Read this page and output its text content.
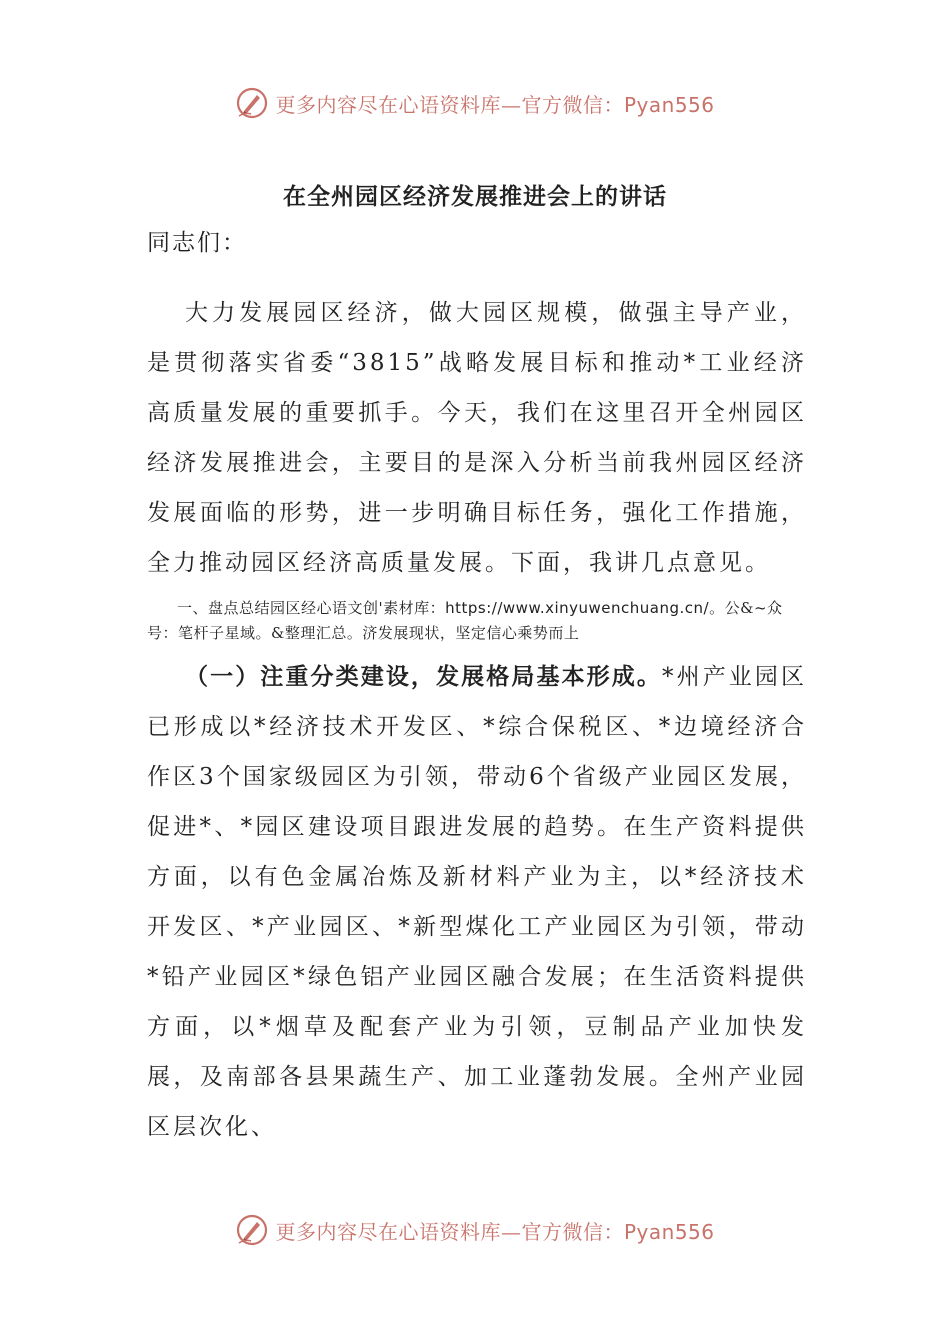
更多内容尽在心语资料库—官方微信：Pyan556
在全州园区经济发展推进会上的讲话

同志们：

大力发展园区经济，做大园区规模，做强主导产业，是贯彻落实省委“3815”战略发展目标和推动*工业经济高质量发展的重要抓手。今天，我们在这里召开全州园区经济发展推进会，主要目的是深入分析当前我州园区经济发展面临的形势，进一步明确目标任务，强化工作措施，全力推动园区经济高质量发展。下面，我讲几点意见。

一、盘点总结园区经心语文创'素材库：https://www.xinyuwenchuang.cn/。公&~众号：笔杆子星域。&整理汇总。济发展现状，坚定信心乘势而上

（一）注重分类建设，发展格局基本形成。*州产业园区已形成以*经济技术开发区、*综合保税区、*边境经济合作区3个国家级园区为引领，带动6个省级产业园区发展，促进*、*园区建设项目跟进发展的趋势。在生产资料提供方面，以有色金属冶炼及新材料产业为主，以*经济技术开发区、*产业园区、*新型煤化工产业园区为引领，带动*铅产业园区*绿色铝产业园区融合发展；在生活资料提供方面，以*烟草及配套产业为引领，豆制品产业加快发展，及南部各县果蔬生产、加工业蓬勃发展。全州产业园区层次化、

更多内容尽在心语资料库—官方微信：Pyan556
